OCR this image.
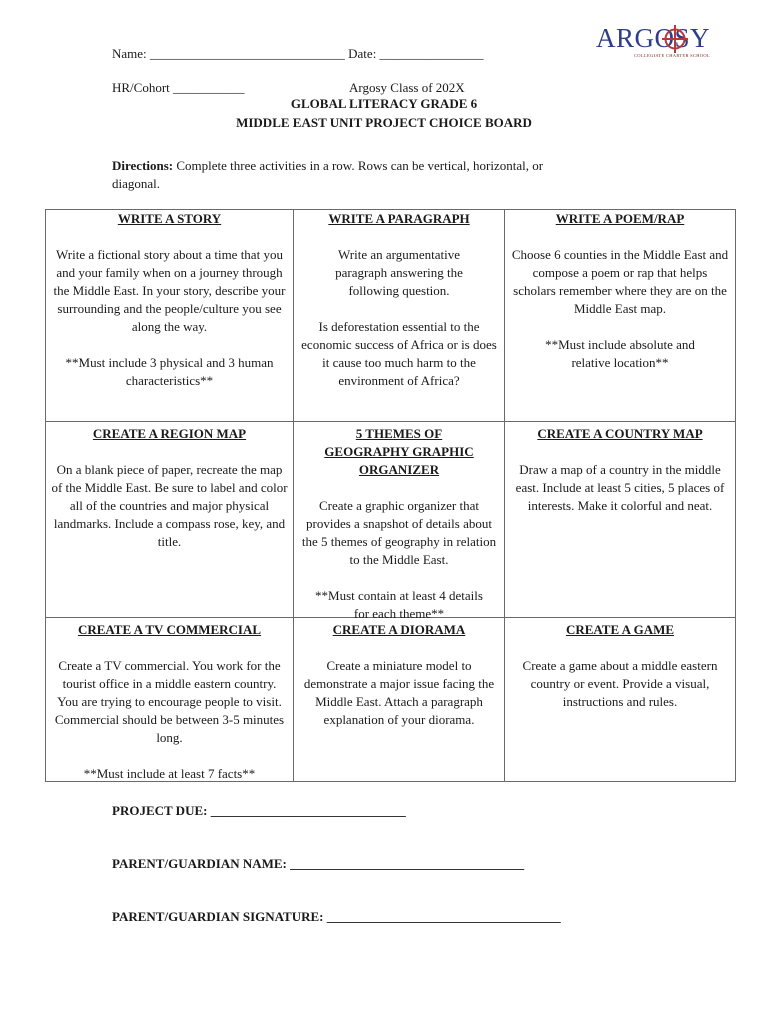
ARGOSY
COLLEGIATE CHARTER SCHOOL
Name: ______________________________ Date: ________________
HR/Cohort ___________	Argosy Class of 202X
GLOBAL LITERACY GRADE 6
MIDDLE EAST UNIT PROJECT CHOICE BOARD
Directions: Complete three activities in a row. Rows can be vertical, horizontal, or
diagonal.
WRITE A STORY

Write a fictional story about a time that you and your family when on a journey through the Middle East. In your story, describe your surrounding and the people/culture you see along the way.

**Must include 3 physical and 3 human characteristics**

WRITE A PARAGRAPH

Write an argumentative paragraph answering the following question.

Is deforestation essential to the economic success of Africa or is does it cause too much harm to the environment of Africa?

WRITE A POEM/RAP

Choose 6 counties in the Middle East and compose a poem or rap that helps scholars remember where they are on the Middle East map.

**Must include absolute and relative location**

CREATE A REGION MAP

On a blank piece of paper, recreate the map of the Middle East. Be sure to label and color all of the countries and major physical landmarks. Include a compass rose, key, and title.

5 THEMES OF GEOGRAPHY GRAPHIC ORGANIZER

Create a graphic organizer that provides a snapshot of details about the 5 themes of geography in relation to the Middle East.

**Must contain at least 4 details for each theme**

CREATE A COUNTRY MAP

Draw a map of a country in the middle east. Include at least 5 cities, 5 places of interests. Make it colorful and neat.

CREATE A TV COMMERCIAL

Create a TV commercial. You work for the tourist office in a middle eastern country. You are trying to encourage people to visit. Commercial should be between 3-5 minutes long.

**Must include at least 7 facts**

CREATE A DIORAMA

Create a miniature model to demonstrate a major issue facing the Middle East. Attach a paragraph explanation of your diorama.

CREATE A GAME

Create a game about a middle eastern country or event. Provide a visual, instructions and rules.

PROJECT DUE: ______________________________
PARENT/GUARDIAN NAME: ____________________________________
PARENT/GUARDIAN SIGNATURE: ____________________________________
